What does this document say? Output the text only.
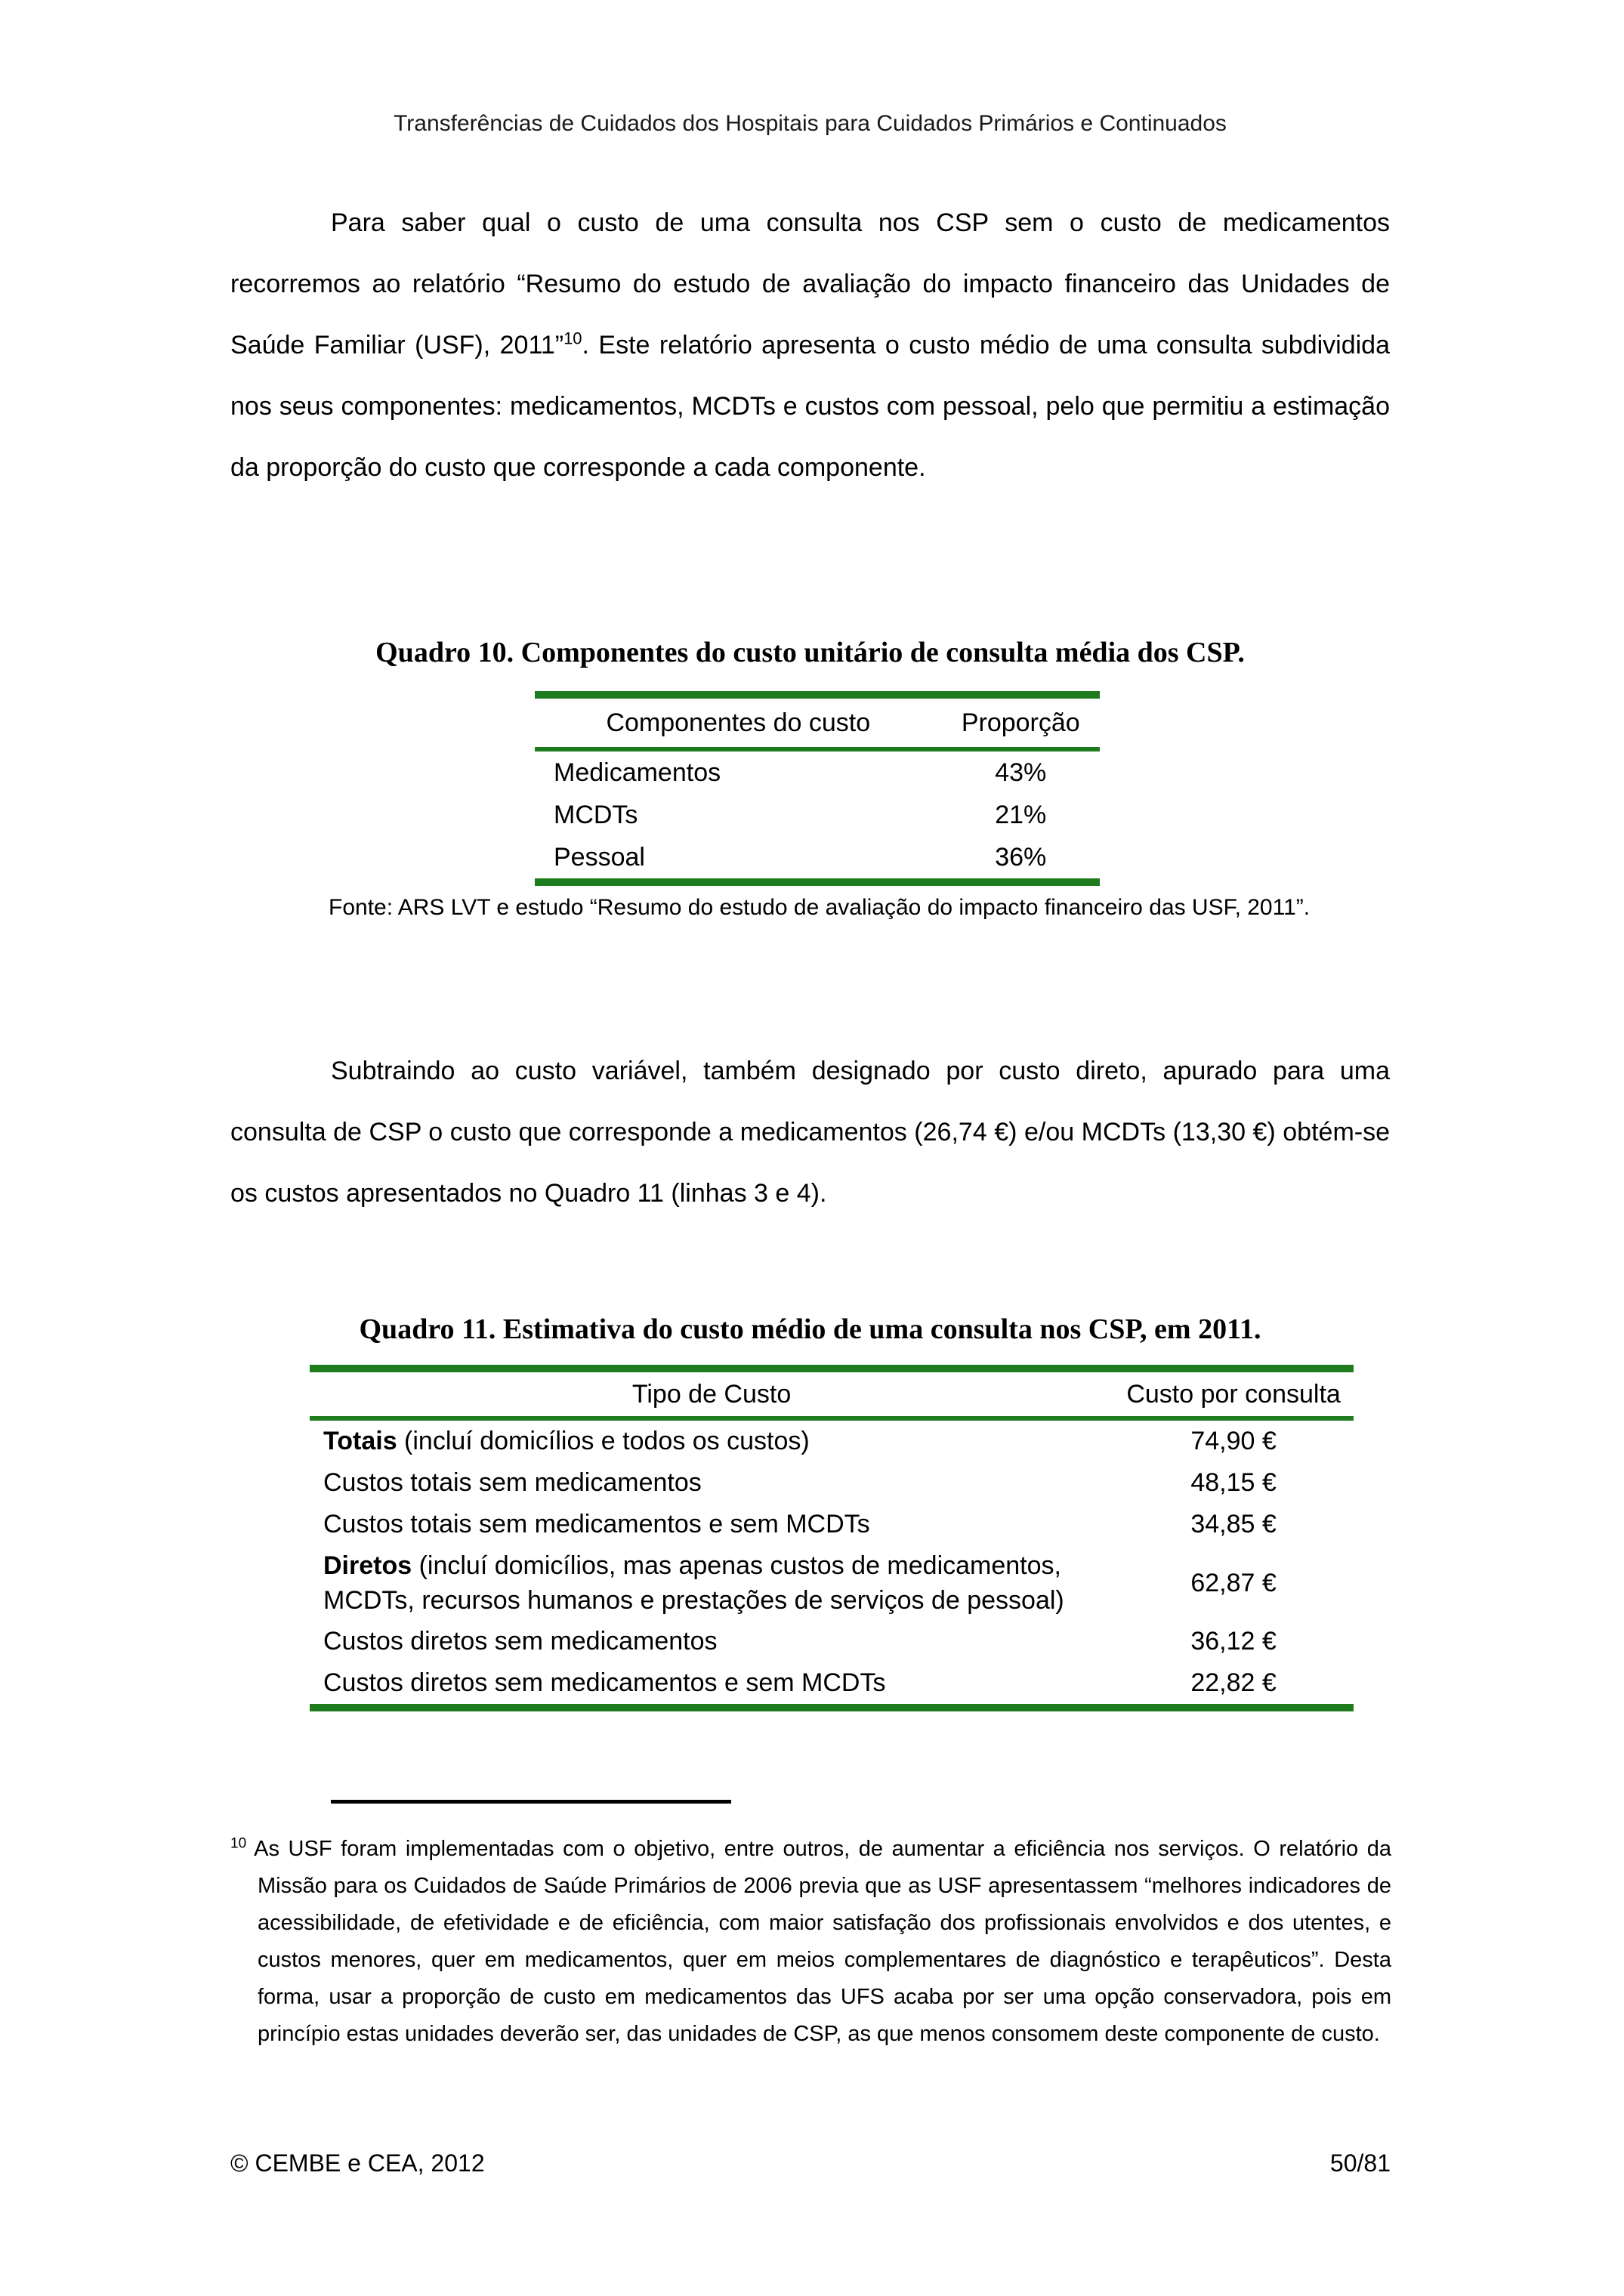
Transferências de Cuidados dos Hospitais para Cuidados Primários e Continuados
Para saber qual o custo de uma consulta nos CSP sem o custo de medicamentos recorremos ao relatório “Resumo do estudo de avaliação do impacto financeiro das Unidades de Saúde Familiar (USF), 2011”$^{10}$. Este relatório apresenta o custo médio de uma consulta subdividida nos seus componentes: medicamentos, MCDTs e custos com pessoal, pelo que permitiu a estimação da proporção do custo que corresponde a cada componente.
Quadro 10. Componentes do custo unitário de consulta média dos CSP.
Componentes do custo	Proporção
Medicamentos	43%
MCDTs	21%
Pessoal	36%
Fonte: ARS LVT e estudo “Resumo do estudo de avaliação do impacto financeiro das USF, 2011”.
Subtraindo ao custo variável, também designado por custo direto, apurado para uma consulta de CSP o custo que corresponde a medicamentos (26,74 €) e/ou MCDTs (13,30 €) obtém-se os custos apresentados no Quadro 11 (linhas 3 e 4).
Quadro 11. Estimativa do custo médio de uma consulta nos CSP, em 2011.
Tipo de Custo	Custo por consulta
Totais (incluí domicílios e todos os custos)	74,90 €
Custos totais sem medicamentos	48,15 €
Custos totais sem medicamentos e sem MCDTs	34,85 €
Diretos (incluí domicílios, mas apenas custos de medicamentos, MCDTs, recursos humanos e prestações de serviços de pessoal)	62,87 €
Custos diretos sem medicamentos	36,12 €
Custos diretos sem medicamentos e sem MCDTs	22,82 €
$^{10}$ As USF foram implementadas com o objetivo, entre outros, de aumentar a eficiência nos serviços. O relatório da Missão para os Cuidados de Saúde Primários de 2006 previa que as USF apresentassem “melhores indicadores de acessibilidade, de efetividade e de eficiência, com maior satisfação dos profissionais envolvidos e dos utentes, e custos menores, quer em medicamentos, quer em meios complementares de diagnóstico e terapêuticos”. Desta forma, usar a proporção de custo em medicamentos das UFS acaba por ser uma opção conservadora, pois em princípio estas unidades deverão ser, das unidades de CSP, as que menos consomem deste componente de custo.
© CEMBE e CEA, 2012	50/81
